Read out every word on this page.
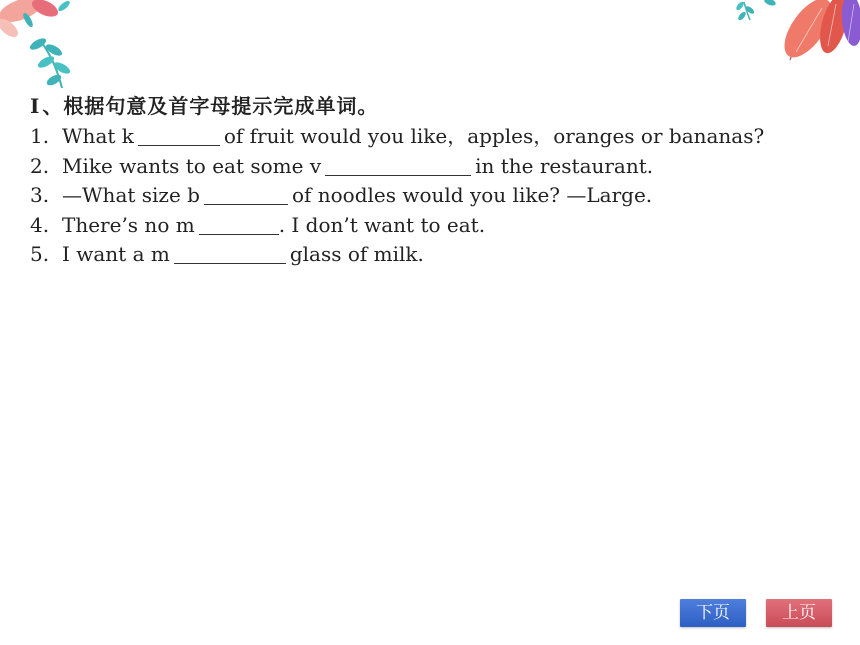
Ⅰ 、根据句意及首字母提示完成单词。
1. What k	of fruit would you like，apples，oranges or bananas?
2. Mike wants to eat some v	in the restaurant.
3. —What size b	of noodles would you like? —Large.
4. There’s no m	. I don’t want to eat.
5. I want a m	glass of milk.
下页	上页
